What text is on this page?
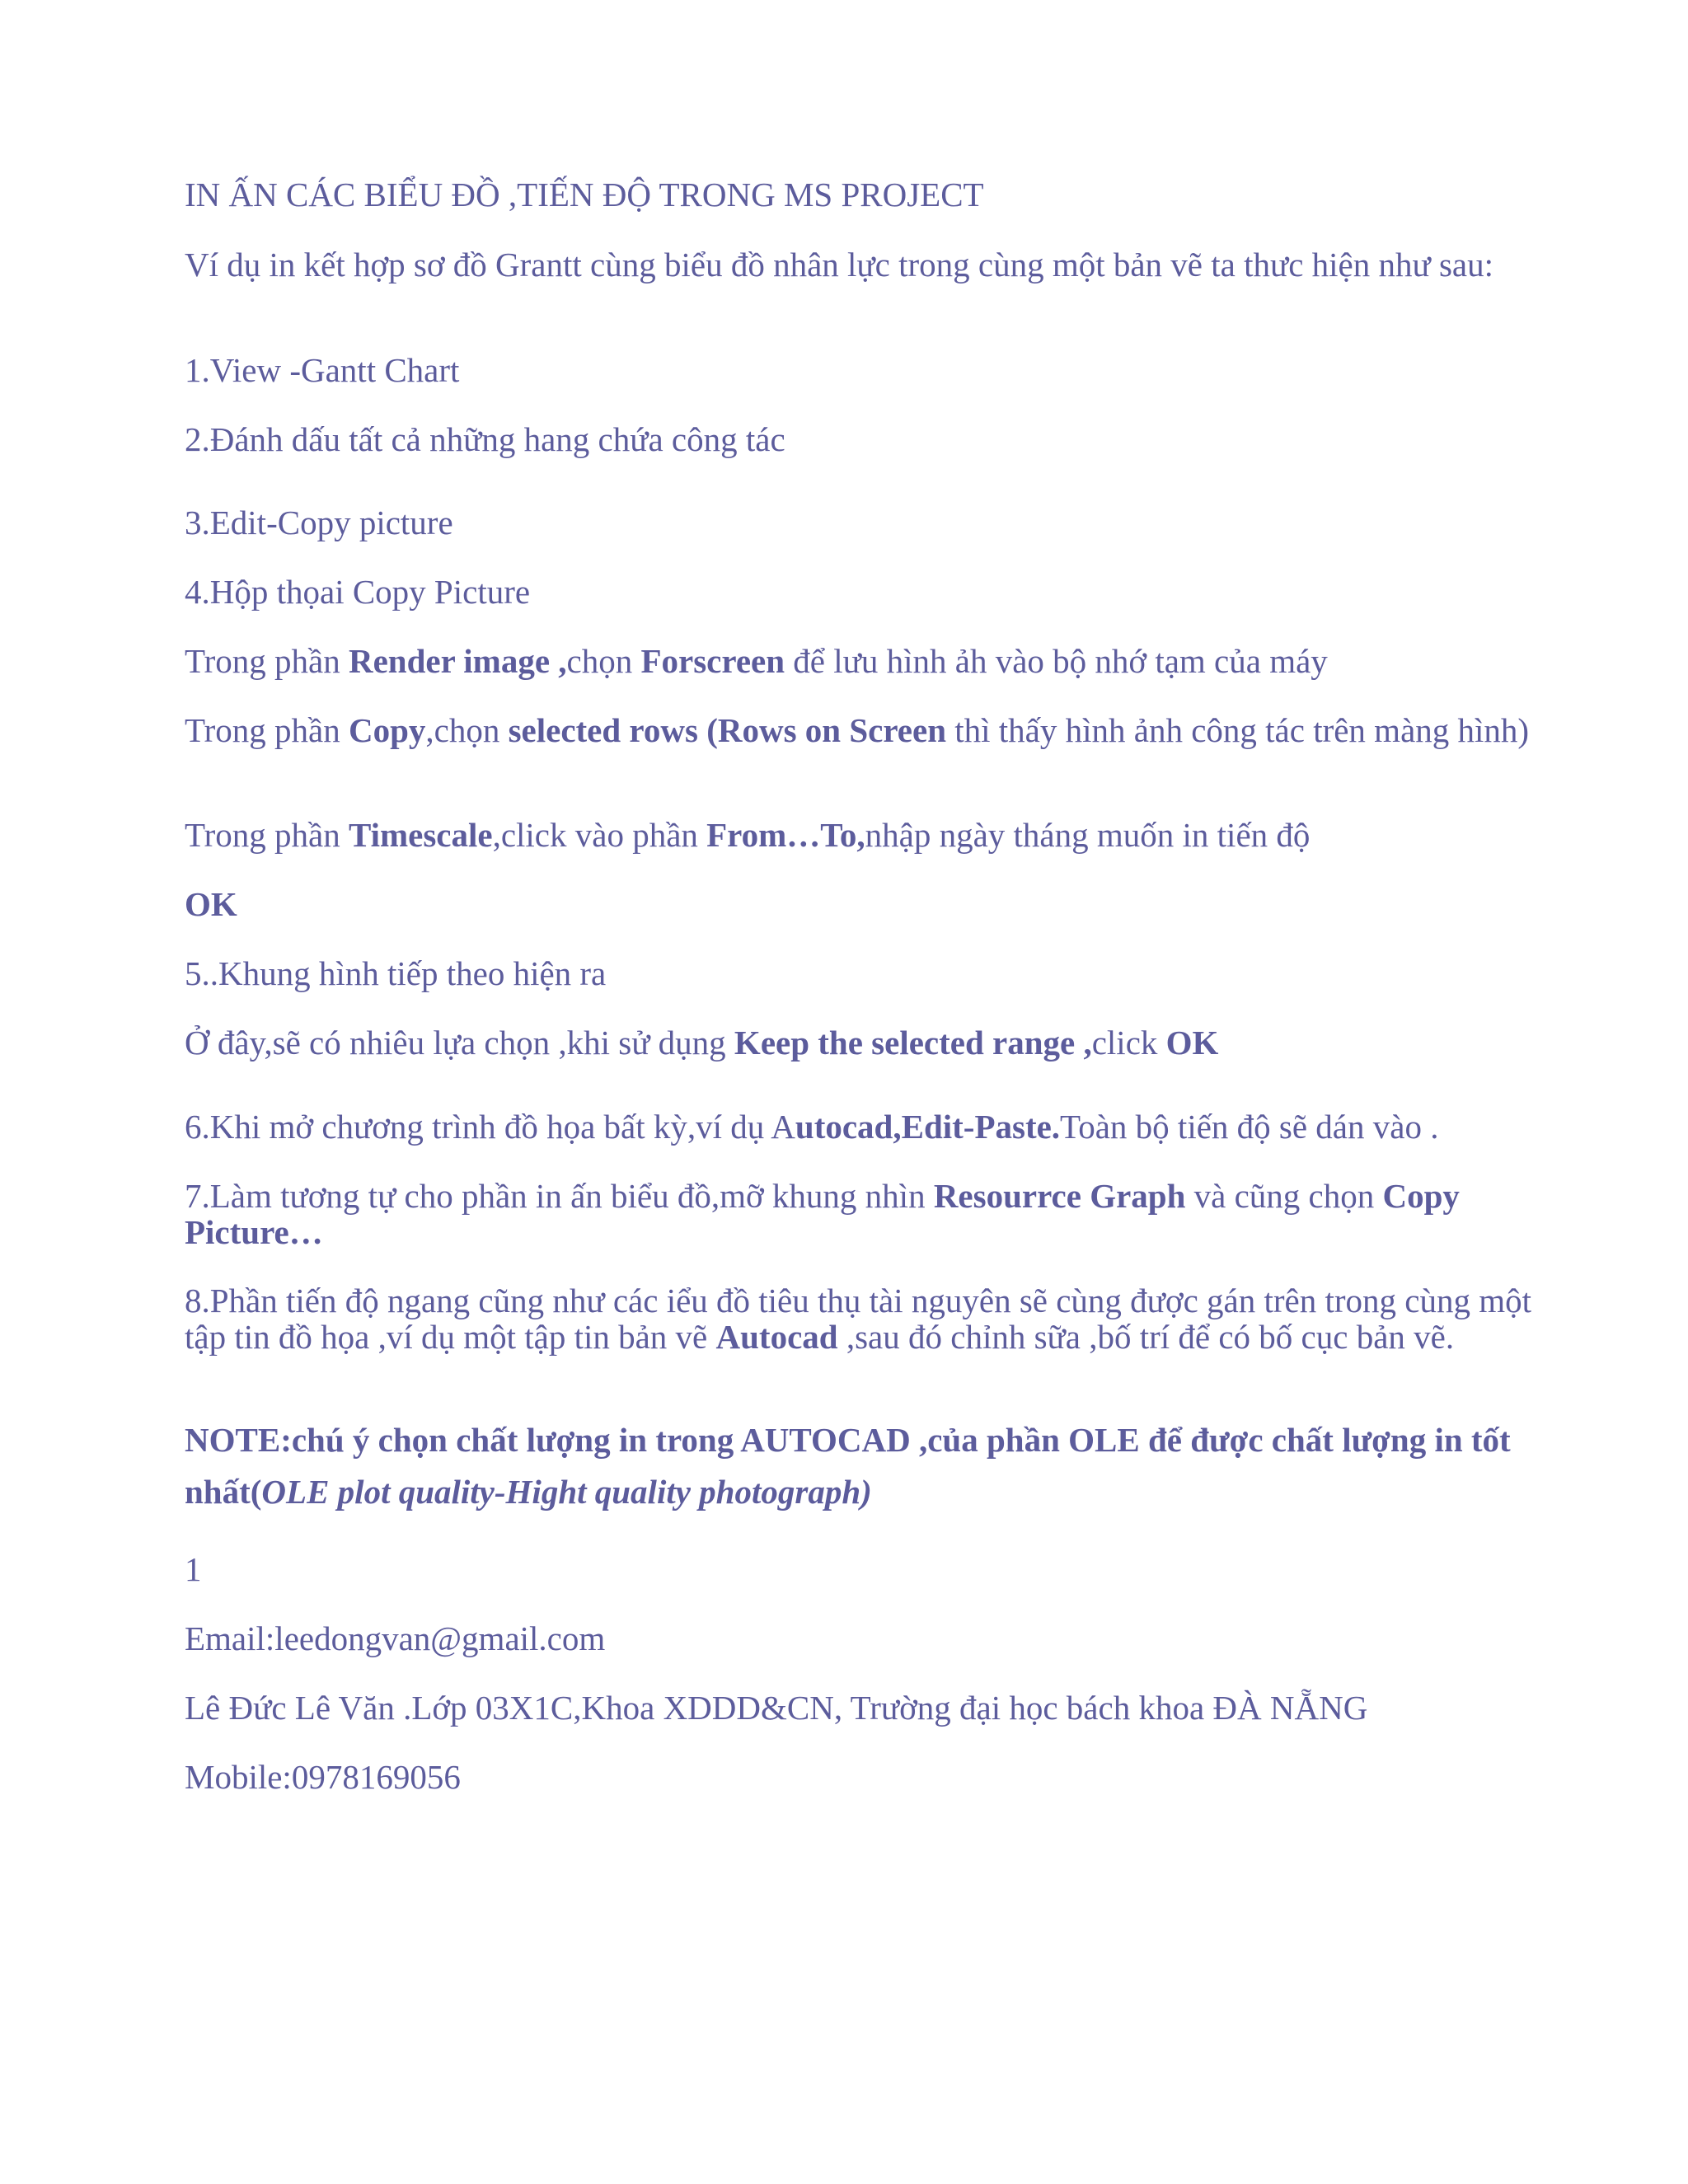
IN ẤN CÁC BIỂU ĐỒ ,TIẾN ĐỘ TRONG MS PROJECT

Ví dụ in kết hợp sơ đồ Grantt cùng biểu đồ nhân lực trong cùng một bản vẽ ta thưc hiện như sau:

1.View -Gantt Chart

2.Đánh dấu tất cả những hang chứa công tác

3.Edit-Copy picture

4.Hộp thọai Copy Picture

Trong phần Render image ,chọn Forscreen để lưu hình ảh vào bộ nhớ tạm của máy

Trong phần Copy,chọn selected rows (Rows on Screen thì thấy hình ảnh công tác trên màng hình)

Trong phần Timescale,click vào phần From…To,nhập ngày tháng muốn in tiến độ

OK

5..Khung hình tiếp theo hiện ra

Ở đây,sẽ có nhiêu lựa chọn ,khi sử dụng Keep the selected range ,click OK

6.Khi mở chương trình đồ họa bất kỳ,ví dụ Autocad,Edit-Paste.Toàn bộ tiến độ sẽ dán vào .

7.Làm tương tự cho phần in ấn biểu đồ,mỡ khung nhìn Resourrce Graph và cũng chọn Copy Picture…

8.Phần tiến độ ngang cũng như các iểu đồ tiêu thụ tài nguyên sẽ cùng được gán trên trong cùng một tập tin đồ họa ,ví dụ một tập tin bản vẽ Autocad ,sau đó chỉnh sữa ,bố trí để có bố cục bản vẽ.

NOTE:chú ý chọn chất lượng in trong AUTOCAD ,của phần OLE để được chất lượng in tốt nhất(OLE plot quality-Hight quality photograph)

1

Email:leedongvan@gmail.com

Lê Đức Lê Văn .Lớp 03X1C,Khoa XDDD&CN, Trường đại học bách khoa ĐÀ NẴNG

Mobile:0978169056
